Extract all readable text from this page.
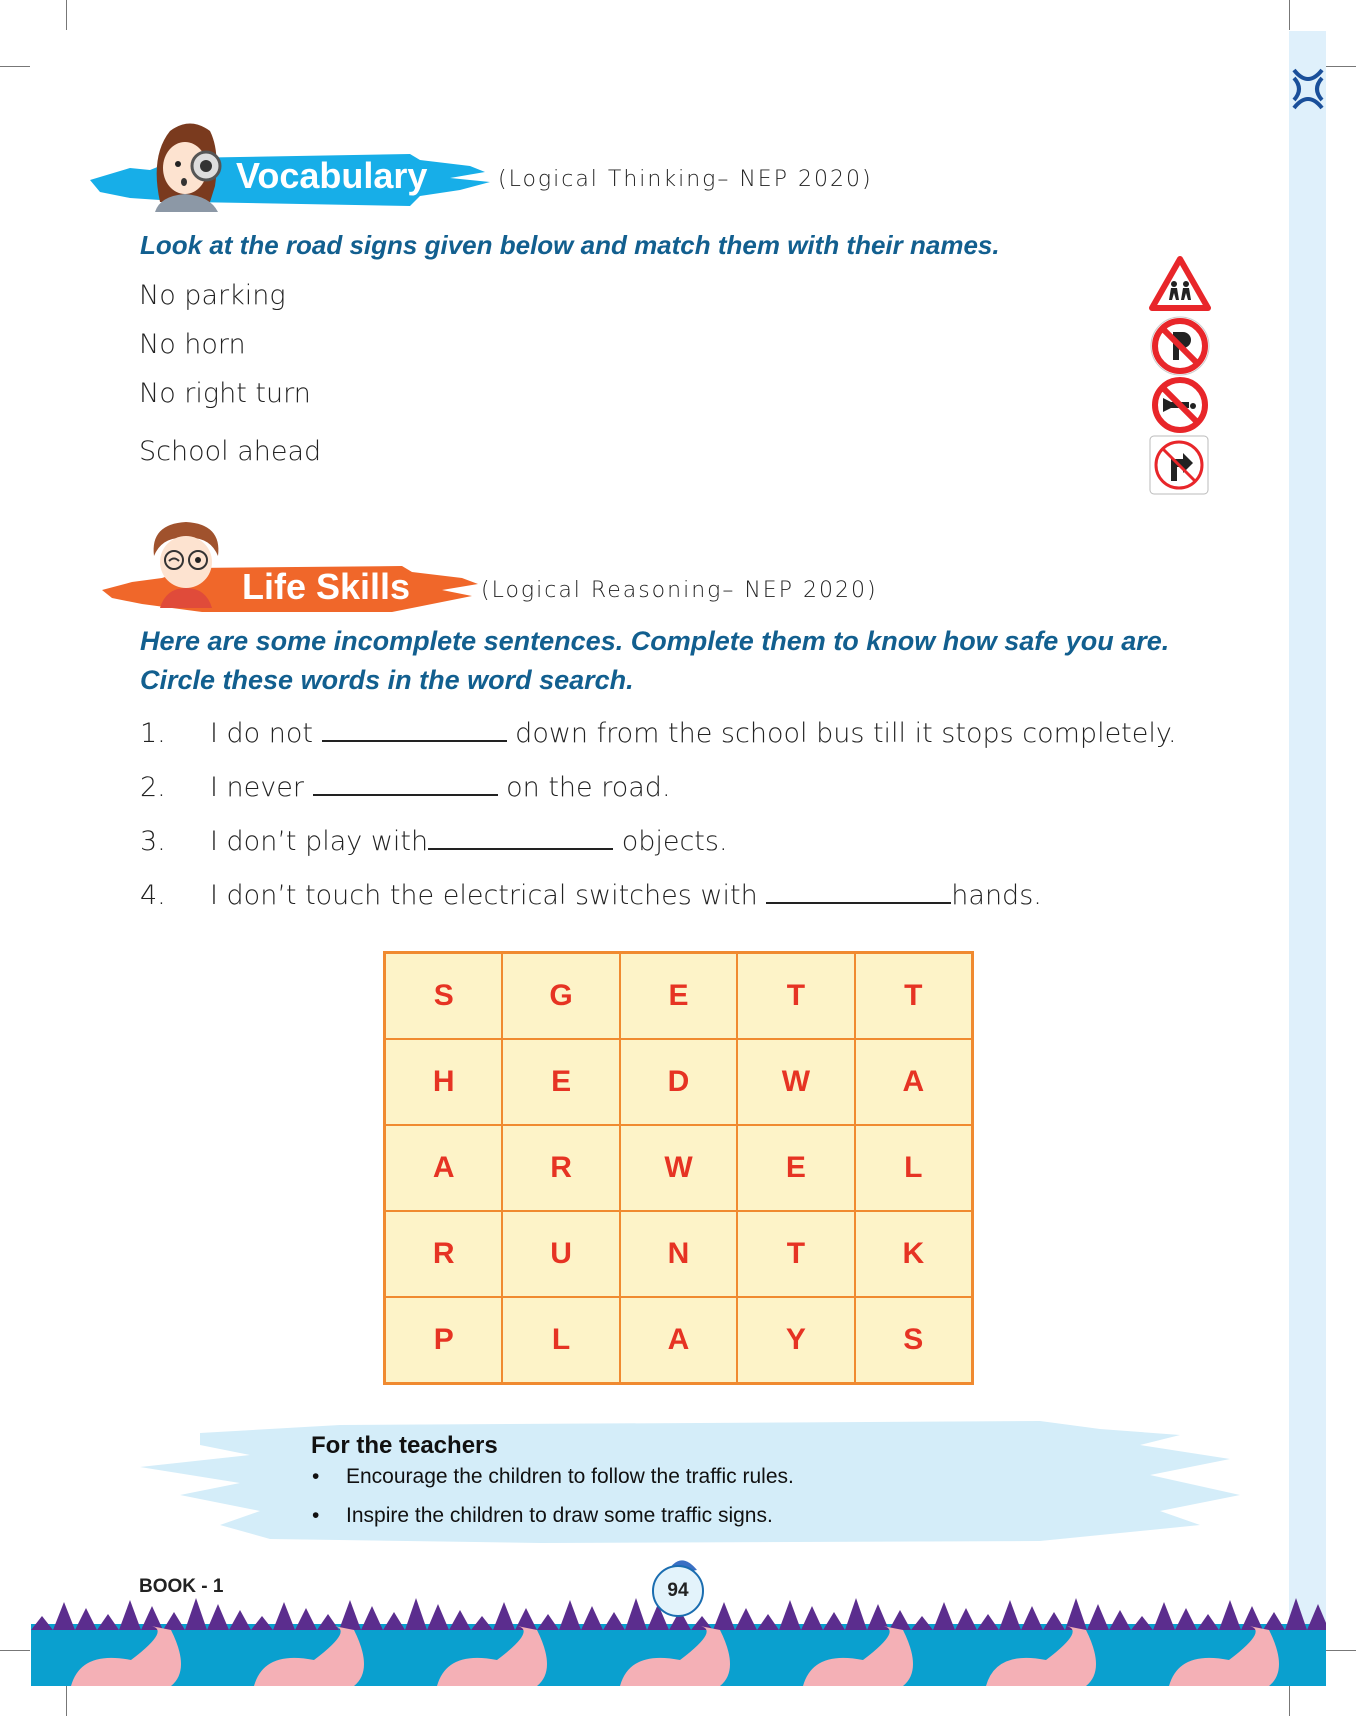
Vocabulary	(Logical Thinking– NEP 2020)
Look at the road signs given below and match them with their names.
No parking
No horn
No right turn
School ahead
Life Skills	(Logical Reasoning– NEP 2020)
Here are some incomplete sentences. Complete them to know how safe you are.
Circle these words in the word search.
1. I do not	down from the school bus till it stops completely.
2. I never	on the road.
3. I don’t play with	objects.
4. I don’t touch the electrical switches with	hands.
S	G	E	T	T
H	E	D	W	A
A	R	W	E	L
R	U	N	T	K
P	L	A	Y	S
For the teachers
• Encourage the children to follow the traffic rules.
• Inspire the children to draw some traffic signs.
BOOK - 1	94
